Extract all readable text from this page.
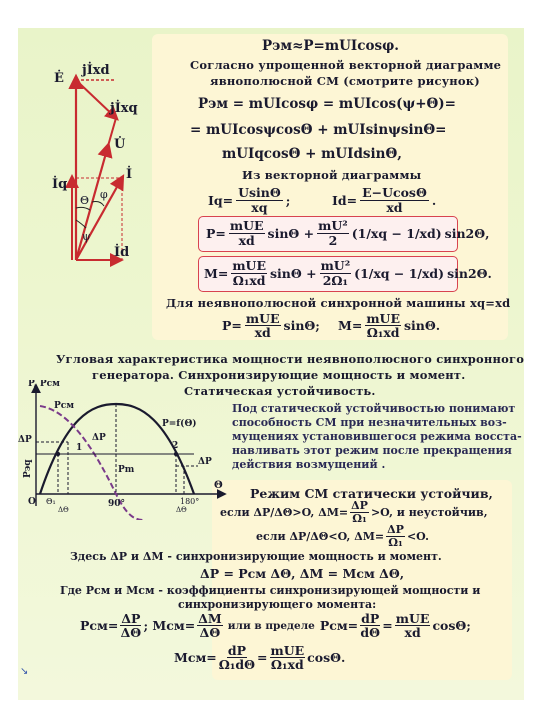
Ė
jİxd
jİxq
U̇
İq
İ
İd
Θ φ
ψ
Pэм≈P=mUIcosφ.
Согласно упрощенной векторной диаграмме
явнополюсной СМ (смотрите рисунок)
Pэм = mUIcosφ = mUIcos(ψ+Θ)=
= mUIcosψcosΘ + mUIsinψsinΘ=
mUIqcosΘ + mUIdsinΘ,
Из векторной диаграммы
$Iq= \frac{Usin\Theta}{xq}$ ;	$Id= \frac{E-Ucos\Theta}{xd}$ .
P=
mUE
xd $\sin\Theta + \frac{\text{mU²}}{2} (1/xq - 1/xd)$ sin2Θ,
M=
mUE
Ω₁xd $\sin\Theta + \frac{\text{mU²}}{\text{2Ω₁}} (1/xq - 1/xd)$ sin2Θ.
Для неявнополюсной синхронной машины xq=xd
P= mUE
xd sinΘ; M= mUE
Ω₁xd sinΘ.
Угловая характеристика мощности неявнополюсного синхронного
генератора. Синхронизирующие мощность и момент.
Статическая устойчивость.
Под статической устойчивостью понимают
способность СМ при незначительных воз-
мущениях установившегося режима восста-
навливать этот режим после прекращения
действия возмущений .
P, Pсм
Pсм
P=f(Θ)
ΔP	ΔP
ΔP
Pэq	Pm
1	2
O Θ₁
ΔΘ
90°	180°
ΔΘ
Θ
Режим СМ статически устойчив,
если ΔP/ΔΘ>O, $\Delta M= \frac{\Delta P}{\text{Ω₁}} >O$, и неустойчив,
если ΔP/ΔΘ<O, $\Delta M= \frac{\Delta P}{\text{Ω₁}} <O$.
Здесь ΔP и ΔM - синхронизирующие мощность и момент.
ΔP = Pсм ΔΘ, ΔM = Mсм ΔΘ,
Где Pсм и Mсм - коэффициенты синхронизирующей мощности и
синхронизирующего момента:
$Pсм= \frac{\Delta P}{\Delta\Theta}$ ; $Mсм= \frac{\Delta M}{\Delta\Theta}$ или в пределе $Pсм= \frac{dP}{d\Theta}$ = mUE
xd cosΘ;
$Mсм= \frac{dP}{\text{Ω₁dΘ}}$ = mUE
Ω₁xd cosΘ.
↘
